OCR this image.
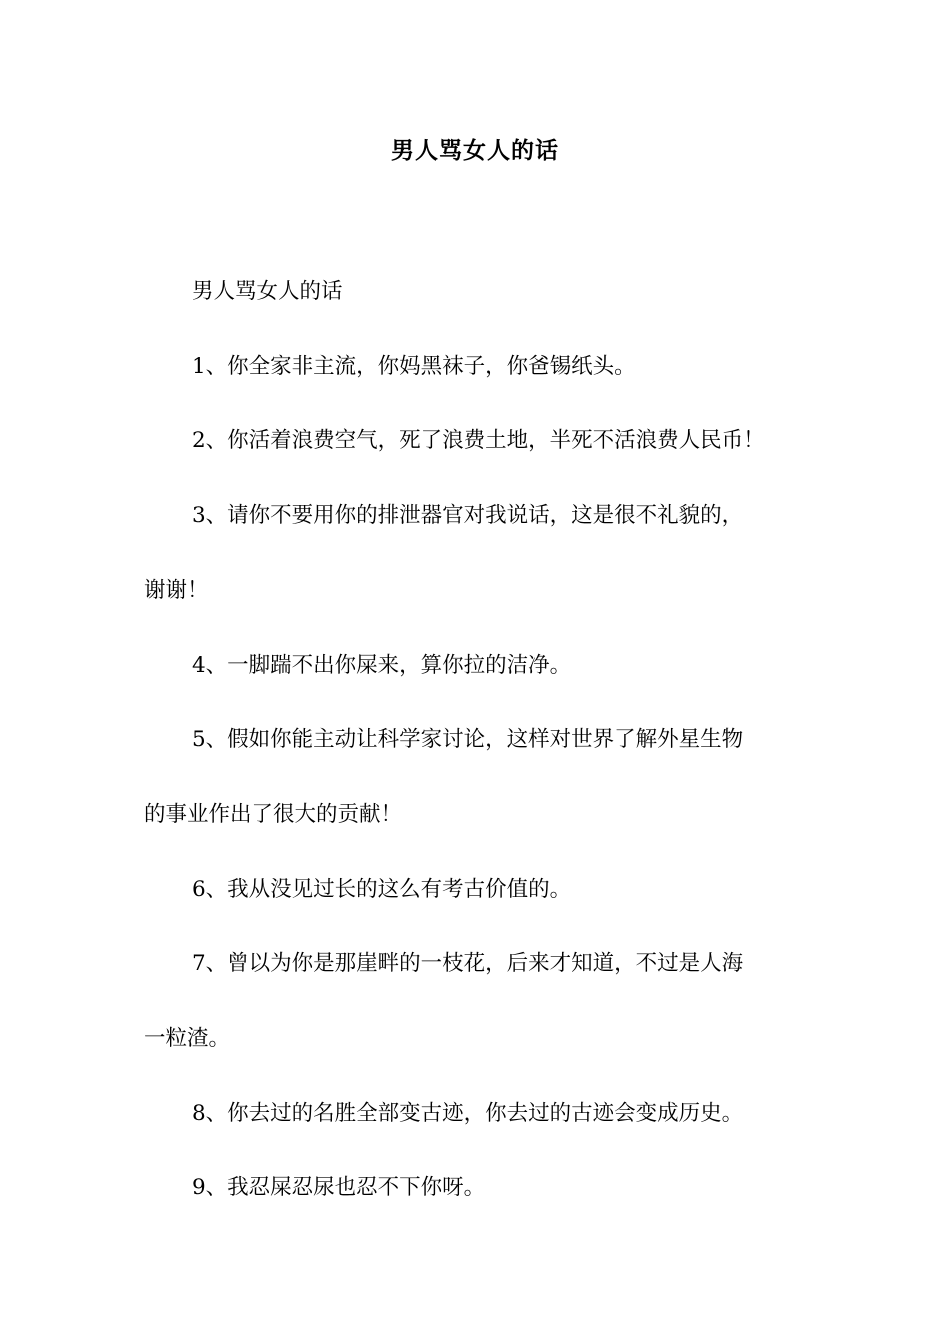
男人骂女人的话

男人骂女人的话

1、你全家非主流，你妈黑袜子，你爸锡纸头。

2、你活着浪费空气，死了浪费土地，半死不活浪费人民币！

3、请你不要用你的排泄器官对我说话，这是很不礼貌的，

谢谢！

4、一脚踹不出你屎来，算你拉的洁净。

5、假如你能主动让科学家讨论，这样对世界了解外星生物

的事业作出了很大的贡献！

6、我从没见过长的这么有考古价值的。

7、曾以为你是那崖畔的一枝花，后来才知道，不过是人海

一粒渣。

8、你去过的名胜全部变古迹，你去过的古迹会变成历史。

9、我忍屎忍尿也忍不下你呀。
